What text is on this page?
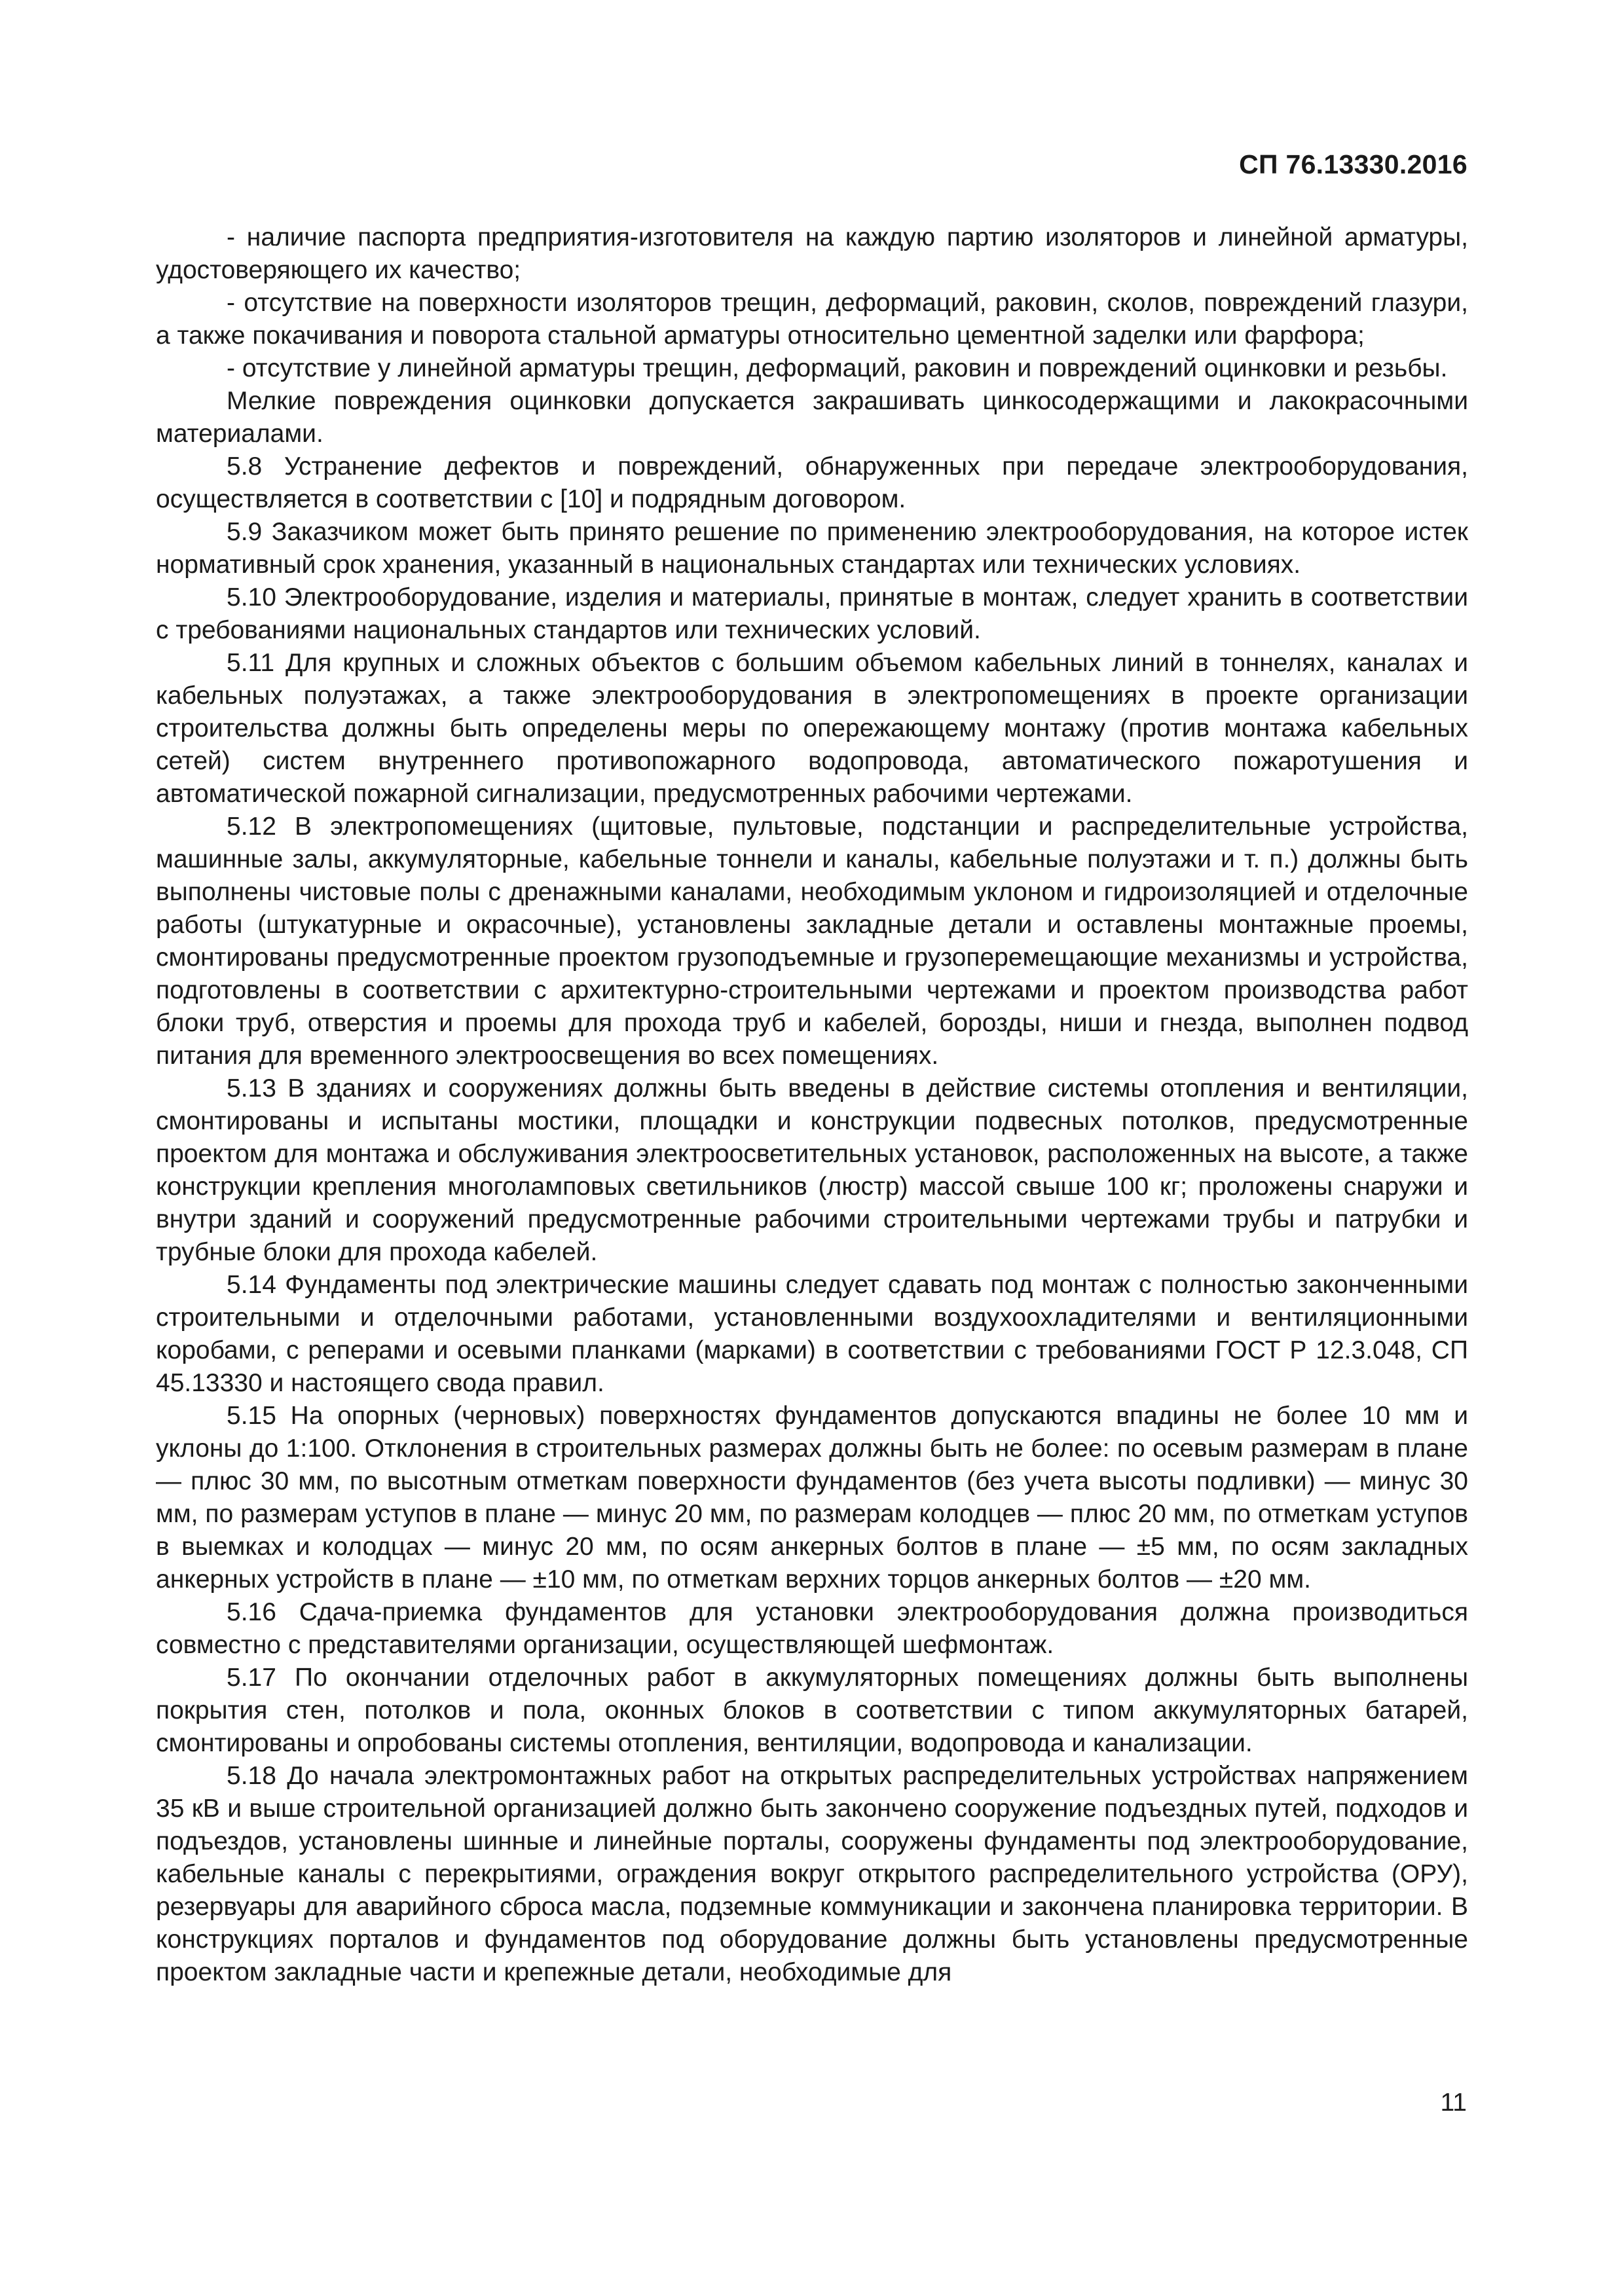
СП 76.13330.2016

- наличие паспорта предприятия-изготовителя на каждую партию изоляторов и линейной арматуры, удостоверяющего их качество;

- отсутствие на поверхности изоляторов трещин, деформаций, раковин, сколов, повреждений глазури, а также покачивания и поворота стальной арматуры относительно цементной заделки или фарфора;

- отсутствие у линейной арматуры трещин, деформаций, раковин и повреждений оцинковки и резьбы.

Мелкие повреждения оцинковки допускается закрашивать цинкосодержащими и лакокрасочными материалами.

5.8 Устранение дефектов и повреждений, обнаруженных при передаче электрооборудования, осуществляется в соответствии с [10] и подрядным договором.

5.9 Заказчиком может быть принято решение по применению электрооборудования, на которое истек нормативный срок хранения, указанный в национальных стандартах или технических условиях.

5.10 Электрооборудование, изделия и материалы, принятые в монтаж, следует хранить в соответствии с требованиями национальных стандартов или технических условий.

5.11 Для крупных и сложных объектов с большим объемом кабельных линий в тоннелях, каналах и кабельных полуэтажах, а также электрооборудования в электропомещениях в проекте организации строительства должны быть определены меры по опережающему монтажу (против монтажа кабельных сетей) систем внутреннего противопожарного водопровода, автоматического пожаротушения и автоматической пожарной сигнализации, предусмотренных рабочими чертежами.

5.12 В электропомещениях (щитовые, пультовые, подстанции и распределительные устройства, машинные залы, аккумуляторные, кабельные тоннели и каналы, кабельные полуэтажи и т. п.) должны быть выполнены чистовые полы с дренажными каналами, необходимым уклоном и гидроизоляцией и отделочные работы (штукатурные и окрасочные), установлены закладные детали и оставлены монтажные проемы, смонтированы предусмотренные проектом грузоподъемные и грузоперемещающие механизмы и устройства, подготовлены в соответствии с архитектурно-строительными чертежами и проектом производства работ блоки труб, отверстия и проемы для прохода труб и кабелей, борозды, ниши и гнезда, выполнен подвод питания для временного электроосвещения во всех помещениях.

5.13 В зданиях и сооружениях должны быть введены в действие системы отопления и вентиляции, смонтированы и испытаны мостики, площадки и конструкции подвесных потолков, предусмотренные проектом для монтажа и обслуживания электроосветительных установок, расположенных на высоте, а также конструкции крепления многоламповых светильников (люстр) массой свыше 100 кг; проложены снаружи и внутри зданий и сооружений предусмотренные рабочими строительными чертежами трубы и патрубки и трубные блоки для прохода кабелей.

5.14 Фундаменты под электрические машины следует сдавать под монтаж с полностью законченными строительными и отделочными работами, установленными воздухоохладителями и вентиляционными коробами, с реперами и осевыми планками (марками) в соответствии с требованиями ГОСТ Р 12.3.048, СП 45.13330 и настоящего свода правил.

5.15 На опорных (черновых) поверхностях фундаментов допускаются впадины не более 10 мм и уклоны до 1:100. Отклонения в строительных размерах должны быть не более: по осевым размерам в плане — плюс 30 мм, по высотным отметкам поверхности фундаментов (без учета высоты подливки) — минус 30 мм, по размерам уступов в плане — минус 20 мм, по размерам колодцев — плюс 20 мм, по отметкам уступов в выемках и колодцах — минус 20 мм, по осям анкерных болтов в плане — ±5 мм, по осям закладных анкерных устройств в плане — ±10 мм, по отметкам верхних торцов анкерных болтов — ±20 мм.

5.16 Сдача-приемка фундаментов для установки электрооборудования должна производиться совместно с представителями организации, осуществляющей шефмонтаж.

5.17 По окончании отделочных работ в аккумуляторных помещениях должны быть выполнены покрытия стен, потолков и пола, оконных блоков в соответствии с типом аккумуляторных батарей, смонтированы и опробованы системы отопления, вентиляции, водопровода и канализации.

5.18 До начала электромонтажных работ на открытых распределительных устройствах напряжением 35 кВ и выше строительной организацией должно быть закончено сооружение подъездных путей, подходов и подъездов, установлены шинные и линейные порталы, сооружены фундаменты под электрооборудование, кабельные каналы с перекрытиями, ограждения вокруг открытого распределительного устройства (ОРУ), резервуары для аварийного сброса масла, подземные коммуникации и закончена планировка территории. В конструкциях порталов и фундаментов под оборудование должны быть установлены предусмотренные проектом закладные части и крепежные детали, необходимые для

11
